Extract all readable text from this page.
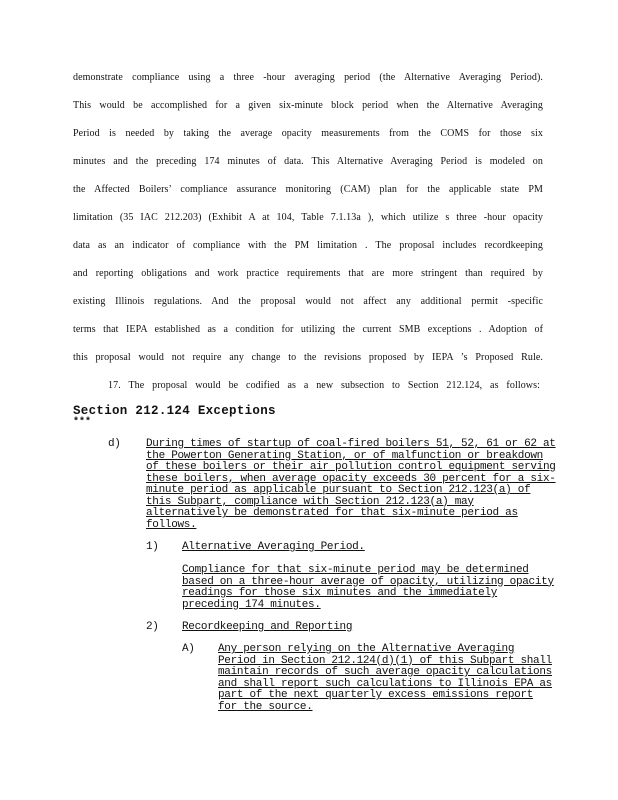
demonstrate compliance using a three -hour averaging period (the Alternative Averaging Period).
This would be accomplished for a given six-minute block period when the Alternative Averaging
Period is needed by taking the average opacity measurements from the COMS for those six
minutes and the preceding 174 minutes of data. This Alternative Averaging Period is modeled on
the Affected Boilers’ compliance assurance monitoring (CAM) plan for the applicable state PM
limitation (35 IAC 212.203) (Exhibit A at 104, Table 7.1.13a ), which utilize s three -hour opacity
data as an indicator of compliance with the PM limitation . The proposal includes recordkeeping
and reporting obligations and work practice requirements that are more stringent than required by
existing Illinois regulations. And the proposal would not affect any additional permit -specific
terms that IEPA established as a condition for utilizing the current SMB exceptions . Adoption of
this proposal would not require any change to the revisions proposed by IEPA ’s Proposed Rule.
17. The proposal would be codified as a new subsection to Section 212.124, as follows:
Section 212.124 Exceptions
***
d) During times of startup of coal-fired boilers 51, 52, 61 or 62 at
the Powerton Generating Station, or of malfunction or breakdown
of these boilers or their air pollution control equipment serving
these boilers, when average opacity exceeds 30 percent for a six-
minute period as applicable pursuant to Section 212.123(a) of
this Subpart, compliance with Section 212.123(a) may
alternatively be demonstrated for that six-minute period as
follows.
1) Alternative Averaging Period.
Compliance for that six-minute period may be determined
based on a three-hour average of opacity, utilizing opacity
readings for those six minutes and the immediately
preceding 174 minutes.
2) Recordkeeping and Reporting
A) Any person relying on the Alternative Averaging
Period in Section 212.124(d)(1) of this Subpart shall
maintain records of such average opacity calculations
and shall report such calculations to Illinois EPA as
part of the next quarterly excess emissions report
for the source.
